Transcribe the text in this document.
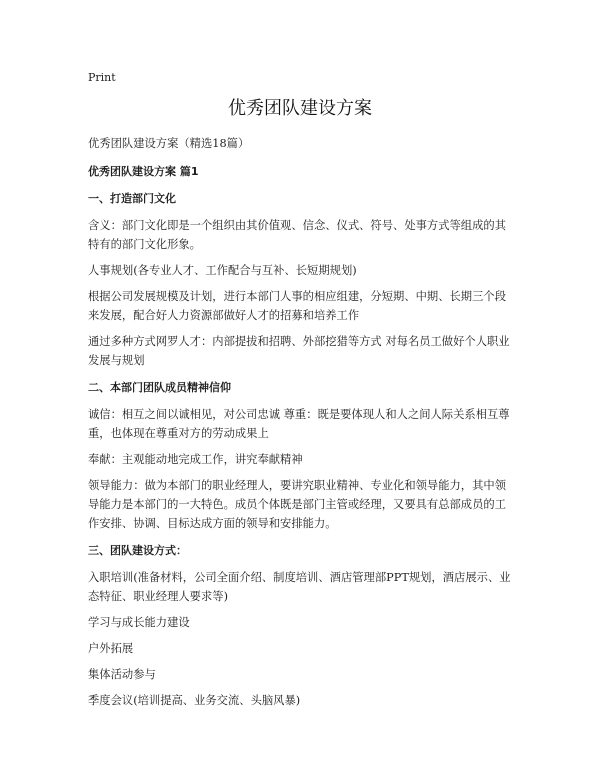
Print
优秀团队建设方案

优秀团队建设方案（精选18篇）

优秀团队建设方案 篇1

一、打造部门文化

含义：部门文化即是一个组织由其价值观、信念、仪式、符号、处事方式等组成的其特有的部门文化形象。

人事规划(各专业人才、工作配合与互补、长短期规划)

根据公司发展规模及计划，进行本部门人事的相应组建，分短期、中期、长期三个段来发展，配合好人力资源部做好人才的招募和培养工作

通过多种方式网罗人才：内部提拔和招聘、外部挖猎等方式 对每名员工做好个人职业发展与规划

二、本部门团队成员精神信仰

诚信：相互之间以诚相见，对公司忠诚 尊重：既是要体现人和人之间人际关系相互尊重，也体现在尊重对方的劳动成果上

奉献：主观能动地完成工作，讲究奉献精神

领导能力：做为本部门的职业经理人，要讲究职业精神、专业化和领导能力，其中领导能力是本部门的一大特色。成员个体既是部门主管或经理，又要具有总部成员的工作安排、协调、目标达成方面的领导和安排能力。

三、团队建设方式：

入职培训(准备材料，公司全面介绍、制度培训、酒店管理部PPT规划，酒店展示、业态特征、职业经理人要求等)

学习与成长能力建设

户外拓展

集体活动参与

季度会议(培训提高、业务交流、头脑风暴)
